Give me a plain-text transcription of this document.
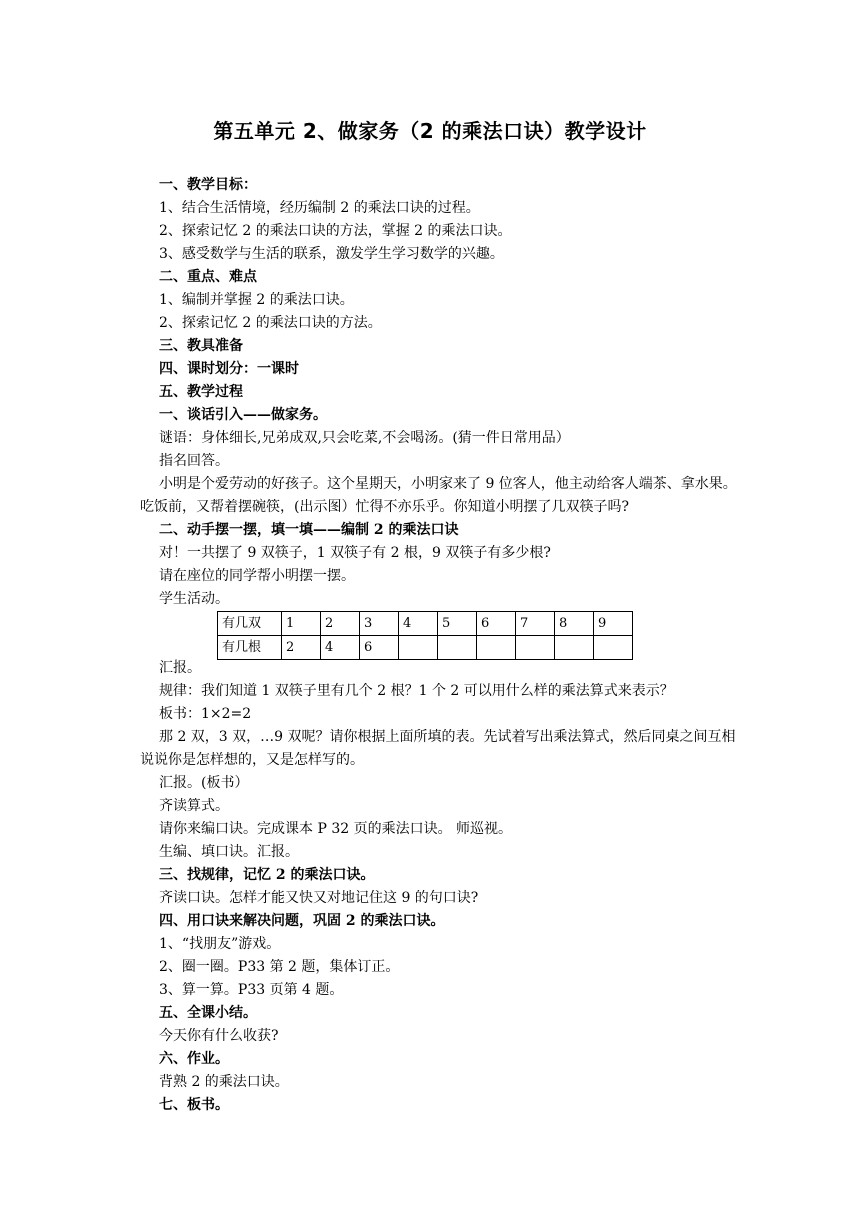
第五单元 2、做家务（2 的乘法口诀）教学设计
一、教学目标：
1、结合生活情境，经历编制 2 的乘法口诀的过程。
2、探索记忆 2 的乘法口诀的方法，掌握 2 的乘法口诀。
3、感受数学与生活的联系，激发学生学习数学的兴趣。
二、重点、难点
1、编制并掌握 2 的乘法口诀。
2、探索记忆 2 的乘法口诀的方法。
三、教具准备
四、课时划分：一课时
五、教学过程
一、谈话引入——做家务。
谜语：身体细长,兄弟成双,只会吃菜,不会喝汤。(猜一件日常用品）
指名回答。
小明是个爱劳动的好孩子。这个星期天，小明家来了 9 位客人，他主动给客人端茶、拿水果。吃饭前，又帮着摆碗筷，(出示图）忙得不亦乐乎。你知道小明摆了几双筷子吗?
二、动手摆一摆，填一填——编制 2 的乘法口诀
对！一共摆了 9 双筷子，1 双筷子有 2 根，9 双筷子有多少根?
请在座位的同学帮小明摆一摆。
学生活动。
有几双	1	2	3	4	5	6	7	8	9
有几根	2	4	6						
汇报。
规律：我们知道 1 双筷子里有几个 2 根？1 个 2 可以用什么样的乘法算式来表示？
板书：1×2=2
那 2 双，3 双，…9 双呢？请你根据上面所填的表。先试着写出乘法算式，然后同桌之间互相说说你是怎样想的，又是怎样写的。
汇报。(板书）
齐读算式。
请你来编口诀。完成课本 P 32 页的乘法口诀。 师巡视。
生编、填口诀。汇报。
三、找规律，记忆 2 的乘法口诀。
齐读口诀。怎样才能又快又对地记住这 9 的句口诀?
四、用口诀来解决问题，巩固 2 的乘法口诀。
1、“找朋友”游戏。
2、圈一圈。P33 第 2 题，集体订正。
3、算一算。P33 页第 4 题。
五、全课小结。
今天你有什么收获?
六、作业。
背熟 2 的乘法口诀。
七、板书。
